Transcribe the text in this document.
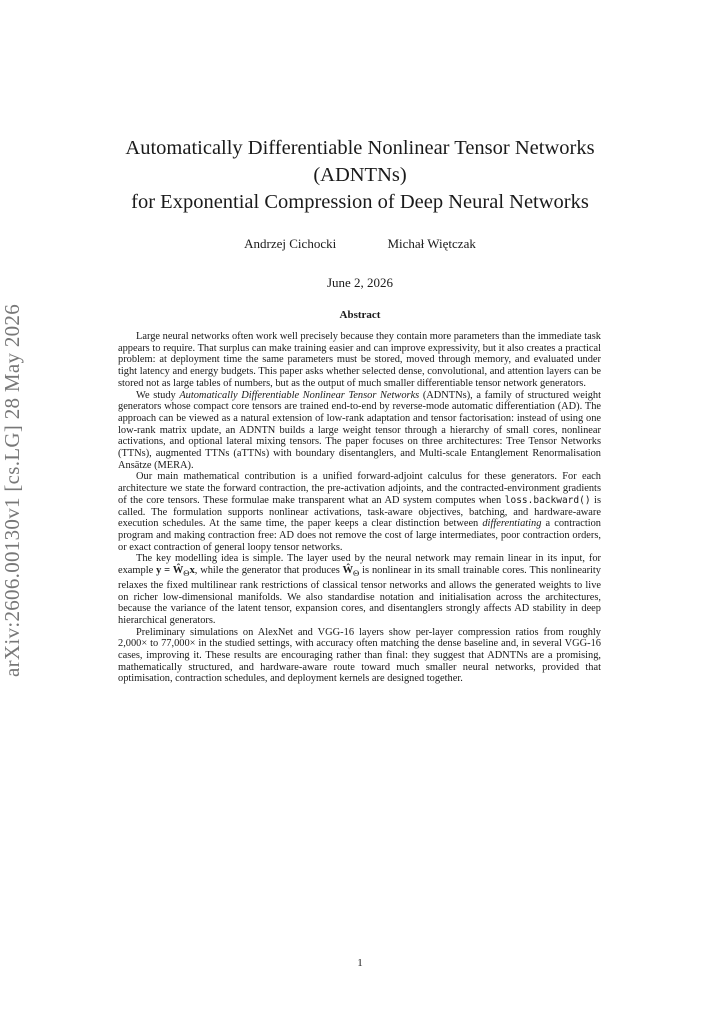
arXiv:2606.00130v1 [cs.LG] 28 May 2026
Automatically Differentiable Nonlinear Tensor Networks
(ADNTNs)
for Exponential Compression of Deep Neural Networks
Andrzej Cichocki	Michał Więtczak
June 2, 2026
Abstract

Large neural networks often work well precisely because they contain more parameters than the immediate task appears to require. That surplus can make training easier and can improve expressivity, but it also creates a practical problem: at deployment time the same parameters must be stored, moved through memory, and evaluated under tight latency and energy budgets. This paper asks whether selected dense, convolutional, and attention layers can be stored not as large tables of numbers, but as the output of much smaller differentiable tensor network generators.

We study Automatically Differentiable Nonlinear Tensor Networks (ADNTNs), a family of structured weight generators whose compact core tensors are trained end-to-end by reverse-mode automatic differentiation (AD). The approach can be viewed as a natural extension of low-rank adaptation and tensor factorisation: instead of using one low-rank matrix update, an ADNTN builds a large weight tensor through a hierarchy of small cores, nonlinear activations, and optional lateral mixing tensors. The paper focuses on three architectures: Tree Tensor Networks (TTNs), augmented TTNs (aTTNs) with boundary disentanglers, and Multi-scale Entanglement Renormalisation Ansätze (MERA).

Our main mathematical contribution is a unified forward-adjoint calculus for these generators. For each architecture we state the forward contraction, the pre-activation adjoints, and the contracted-environment gradients of the core tensors. These formulae make transparent what an AD system computes when loss.backward() is called. The formulation supports nonlinear activations, task-aware objectives, batching, and hardware-aware execution schedules. At the same time, the paper keeps a clear distinction between differentiating a contraction program and making contraction free: AD does not remove the cost of large intermediates, poor contraction orders, or exact contraction of general loopy tensor networks.

The key modelling idea is simple. The layer used by the neural network may remain linear in its input, for example $y = Ŵ_\Theta x$, while the generator that produces $Ŵ_\Theta$ is nonlinear in its small trainable cores. This nonlinearity relaxes the fixed multilinear rank restrictions of classical tensor networks and allows the generated weights to live on richer low-dimensional manifolds. We also standardise notation and initialisation across the architectures, because the variance of the latent tensor, expansion cores, and disentanglers strongly affects AD stability in deep hierarchical generators.

Preliminary simulations on AlexNet and VGG-16 layers show per-layer compression ratios from roughly 2,000× to 77,000× in the studied settings, with accuracy often matching the dense baseline and, in several VGG-16 cases, improving it. These results are encouraging rather than final: they suggest that ADNTNs are a promising, mathematically structured, and hardware-aware route toward much smaller neural networks, provided that optimisation, contraction schedules, and deployment kernels are designed together.

1
